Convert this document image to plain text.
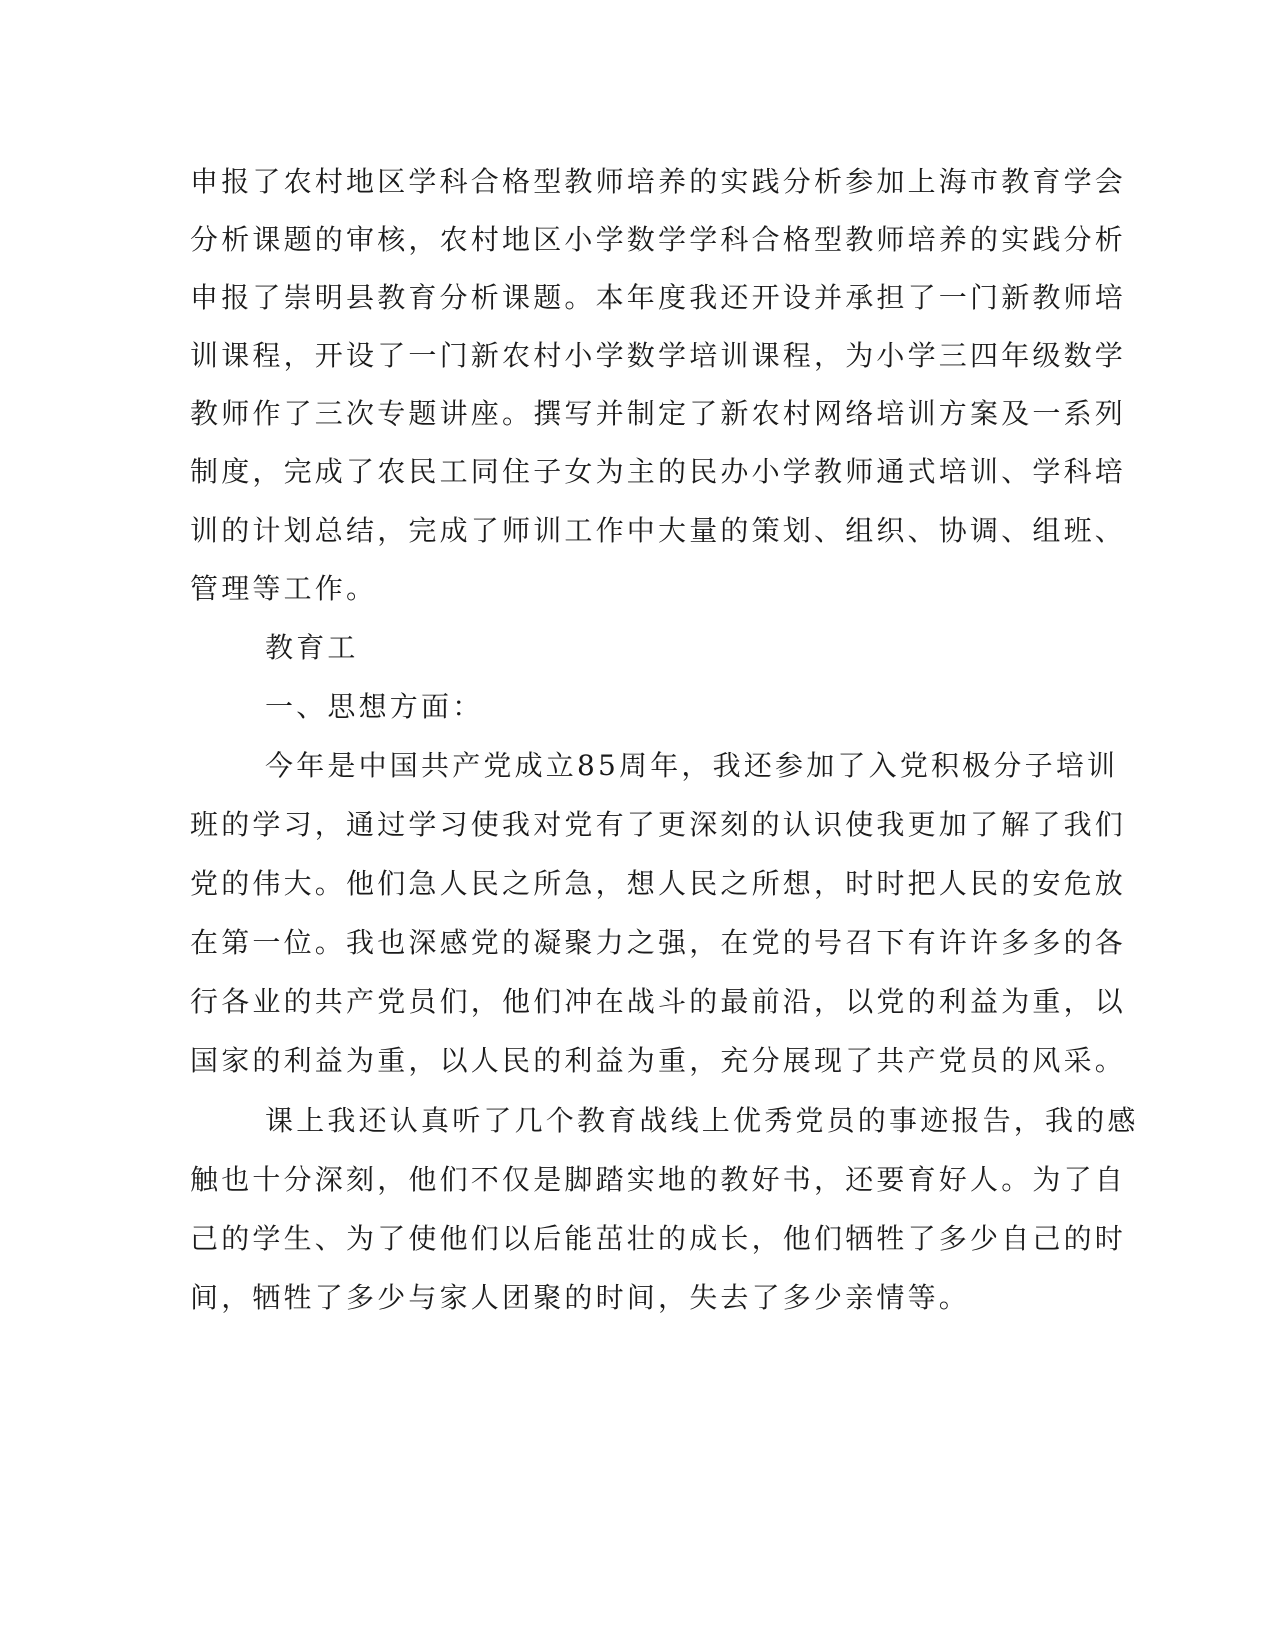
申报了农村地区学科合格型教师培养的实践分析参加上海市教育学会
分析课题的审核，农村地区小学数学学科合格型教师培养的实践分析
申报了崇明县教育分析课题。本年度我还开设并承担了一门新教师培
训课程，开设了一门新农村小学数学培训课程，为小学三四年级数学
教师作了三次专题讲座。撰写并制定了新农村网络培训方案及一系列
制度，完成了农民工同住子女为主的民办小学教师通式培训、学科培
训的计划总结，完成了师训工作中大量的策划、组织、协调、组班、
管理等工作。
教育工
一、思想方面：
今年是中国共产党成立85周年，我还参加了入党积极分子培训
班的学习，通过学习使我对党有了更深刻的认识使我更加了解了我们
党的伟大。他们急人民之所急，想人民之所想，时时把人民的安危放
在第一位。我也深感党的凝聚力之强，在党的号召下有许许多多的各
行各业的共产党员们，他们冲在战斗的最前沿，以党的利益为重，以
国家的利益为重，以人民的利益为重，充分展现了共产党员的风采。
课上我还认真听了几个教育战线上优秀党员的事迹报告，我的感
触也十分深刻，他们不仅是脚踏实地的教好书，还要育好人。为了自
己的学生、为了使他们以后能茁壮的成长，他们牺牲了多少自己的时
间，牺牲了多少与家人团聚的时间，失去了多少亲情等。
